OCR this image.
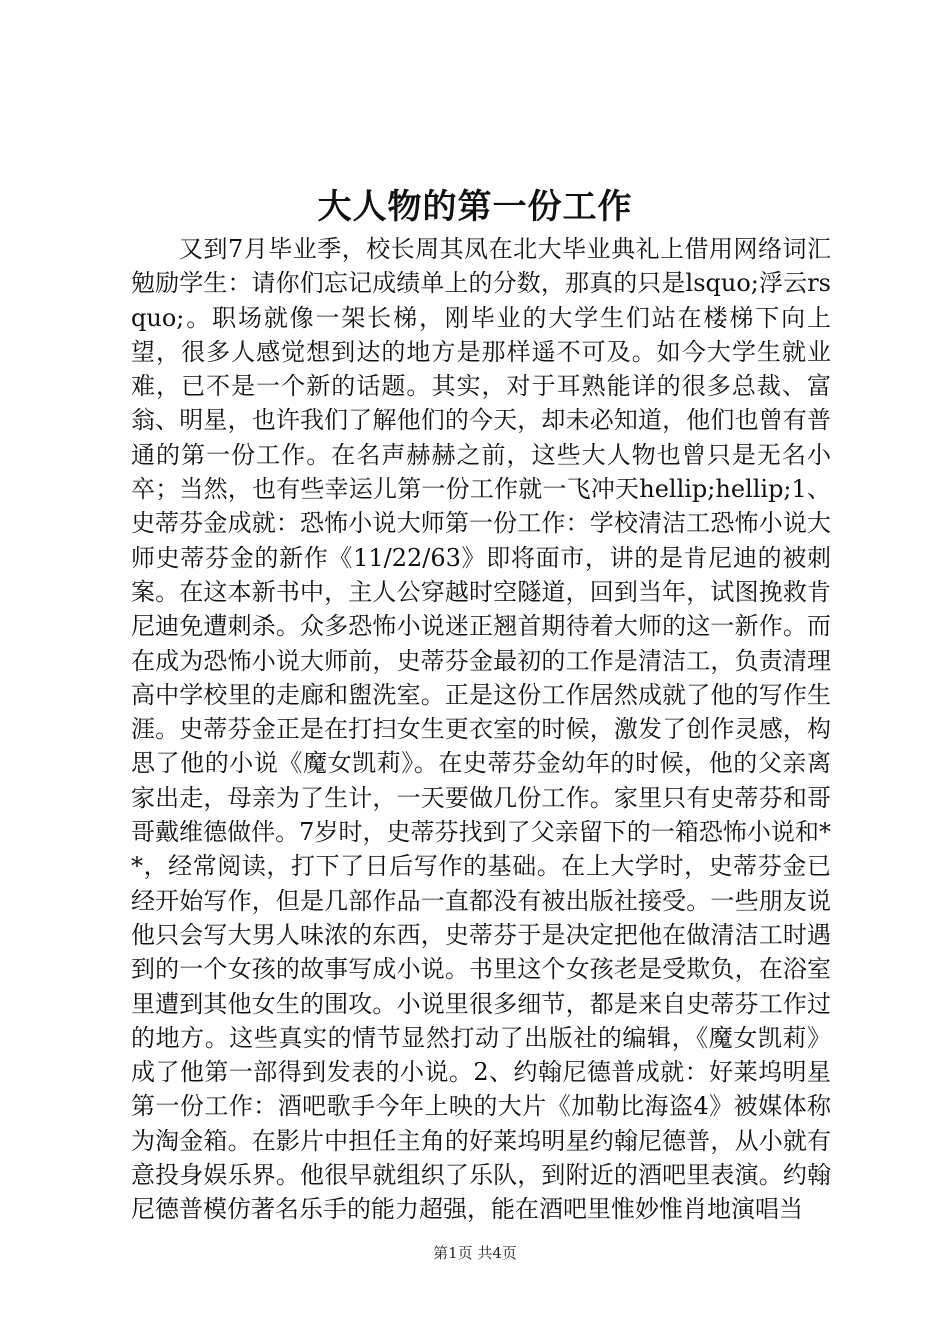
大人物的第一份工作

又到7月毕业季，校长周其凤在北大毕业典礼上借用网络词汇勉励学生：请你们忘记成绩单上的分数，那真的只是lsquo;浮云rsquo;。职场就像一架长梯，刚毕业的大学生们站在楼梯下向上望，很多人感觉想到达的地方是那样遥不可及。如今大学生就业难，已不是一个新的话题。其实，对于耳熟能详的很多总裁、富翁、明星，也许我们了解他们的今天，却未必知道，他们也曾有普通的第一份工作。在名声赫赫之前，这些大人物也曾只是无名小卒；当然，也有些幸运儿第一份工作就一飞冲天hellip;hellip;1、史蒂芬金成就：恐怖小说大师第一份工作：学校清洁工恐怖小说大师史蒂芬金的新作《11/22/63》即将面市，讲的是肯尼迪的被刺案。在这本新书中，主人公穿越时空隧道，回到当年，试图挽救肯尼迪免遭刺杀。众多恐怖小说迷正翘首期待着大师的这一新作。而在成为恐怖小说大师前，史蒂芬金最初的工作是清洁工，负责清理高中学校里的走廊和盥洗室。正是这份工作居然成就了他的写作生涯。史蒂芬金正是在打扫女生更衣室的时候，激发了创作灵感，构思了他的小说《魔女凯莉》。在史蒂芬金幼年的时候，他的父亲离家出走，母亲为了生计，一天要做几份工作。家里只有史蒂芬和哥哥戴维德做伴。7岁时，史蒂芬找到了父亲留下的一箱恐怖小说和**，经常阅读，打下了日后写作的基础。在上大学时，史蒂芬金已经开始写作，但是几部作品一直都没有被出版社接受。一些朋友说他只会写大男人味浓的东西，史蒂芬于是决定把他在做清洁工时遇到的一个女孩的故事写成小说。书里这个女孩老是受欺负，在浴室里遭到其他女生的围攻。小说里很多细节，都是来自史蒂芬工作过的地方。这些真实的情节显然打动了出版社的编辑，《魔女凯莉》成了他第一部得到发表的小说。2、约翰尼德普成就：好莱坞明星第一份工作：酒吧歌手今年上映的大片《加勒比海盗4》被媒体称为淘金箱。在影片中担任主角的好莱坞明星约翰尼德普，从小就有意投身娱乐界。他很早就组织了乐队，到附近的酒吧里表演。约翰尼德普模仿著名乐手的能力超强，能在酒吧里惟妙惟肖地演唱当

第1页 共4页
